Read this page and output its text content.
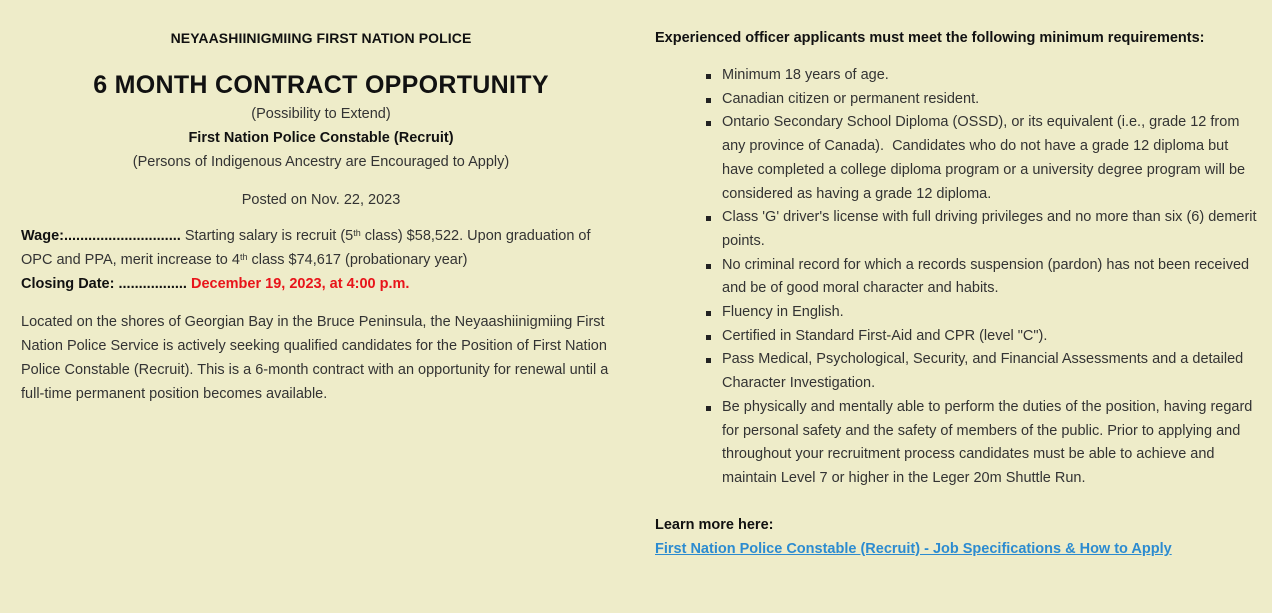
NEYAASHIINIGMIING FIRST NATION POLICE
6 MONTH CONTRACT OPPORTUNITY
(Possibility to Extend)
First Nation Police Constable (Recruit)
(Persons of Indigenous Ancestry are Encouraged to Apply)
Posted on Nov. 22, 2023
Wage:............................. Starting salary is recruit (5th class) $58,522. Upon graduation of OPC and PPA, merit increase to 4th class $74,617 (probationary year)
Closing Date: ................. December 19, 2023, at 4:00 p.m.

Located on the shores of Georgian Bay in the Bruce Peninsula, the Neyaashiinigmiing First Nation Police Service is actively seeking qualified candidates for the Position of First Nation Police Constable (Recruit). This is a 6-month contract with an opportunity for renewal until a full-time permanent position becomes available.

Experienced officer applicants must meet the following minimum requirements:
Minimum 18 years of age.
Canadian citizen or permanent resident.
Ontario Secondary School Diploma (OSSD), or its equivalent (i.e., grade 12 from any province of Canada).  Candidates who do not have a grade 12 diploma but have completed a college diploma program or a university degree program will be considered as having a grade 12 diploma.
Class 'G' driver's license with full driving privileges and no more than six (6) demerit points.
No criminal record for which a records suspension (pardon) has not been received and be of good moral character and habits.
Fluency in English.
Certified in Standard First-Aid and CPR (level "C").
Pass Medical, Psychological, Security, and Financial Assessments and a detailed Character Investigation.
Be physically and mentally able to perform the duties of the position, having regard for personal safety and the safety of members of the public. Prior to applying and throughout your recruitment process candidates must be able to achieve and maintain Level 7 or higher in the Leger 20m Shuttle Run.
Learn more here:
First Nation Police Constable (Recruit) - Job Specifications & How to Apply
